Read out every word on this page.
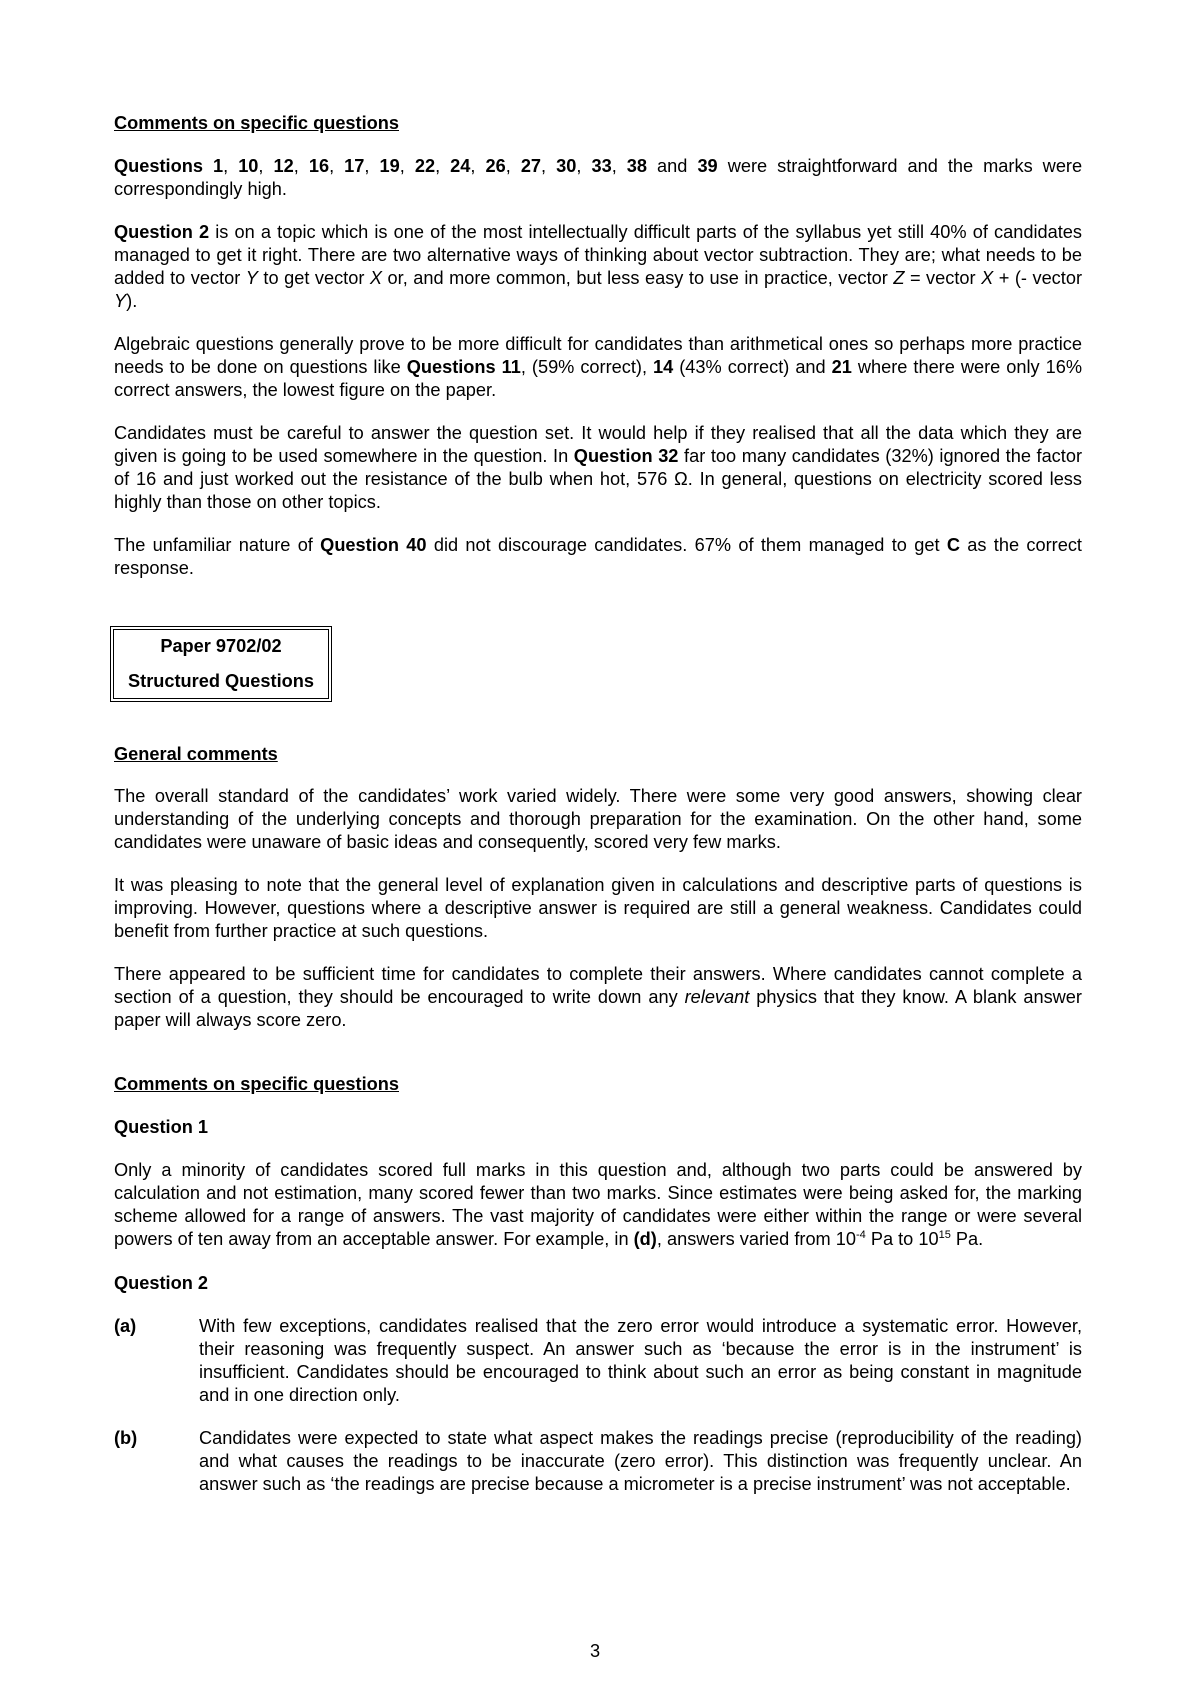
Comments on specific questions

Questions 1, 10, 12, 16, 17, 19, 22, 24, 26, 27, 30, 33, 38 and 39 were straightforward and the marks were correspondingly high.

Question 2 is on a topic which is one of the most intellectually difficult parts of the syllabus yet still 40% of candidates managed to get it right. There are two alternative ways of thinking about vector subtraction. They are; what needs to be added to vector Y to get vector X or, and more common, but less easy to use in practice, vector Z = vector X + (- vector Y).

Algebraic questions generally prove to be more difficult for candidates than arithmetical ones so perhaps more practice needs to be done on questions like Questions 11, (59% correct), 14 (43% correct) and 21 where there were only 16% correct answers, the lowest figure on the paper.

Candidates must be careful to answer the question set. It would help if they realised that all the data which they are given is going to be used somewhere in the question. In Question 32 far too many candidates (32%) ignored the factor of 16 and just worked out the resistance of the bulb when hot, 576 Ω. In general, questions on electricity scored less highly than those on other topics.

The unfamiliar nature of Question 40 did not discourage candidates. 67% of them managed to get C as the correct response.

Paper 9702/02
Structured Questions
General comments

The overall standard of the candidates’ work varied widely. There were some very good answers, showing clear understanding of the underlying concepts and thorough preparation for the examination. On the other hand, some candidates were unaware of basic ideas and consequently, scored very few marks.

It was pleasing to note that the general level of explanation given in calculations and descriptive parts of questions is improving. However, questions where a descriptive answer is required are still a general weakness. Candidates could benefit from further practice at such questions.

There appeared to be sufficient time for candidates to complete their answers. Where candidates cannot complete a section of a question, they should be encouraged to write down any relevant physics that they know. A blank answer paper will always score zero.

Comments on specific questions
Question 1

Only a minority of candidates scored full marks in this question and, although two parts could be answered by calculation and not estimation, many scored fewer than two marks. Since estimates were being asked for, the marking scheme allowed for a range of answers. The vast majority of candidates were either within the range or were several powers of ten away from an acceptable answer. For example, in (d), answers varied from $10^{-4}$ Pa to $10^{15}$ Pa.

Question 2
(a)	With few exceptions, candidates realised that the zero error would introduce a systematic error. However, their reasoning was frequently suspect. An answer such as ‘because the error is in the instrument’ is insufficient. Candidates should be encouraged to think about such an error as being constant in magnitude and in one direction only.
(b)	Candidates were expected to state what aspect makes the readings precise (reproducibility of the reading) and what causes the readings to be inaccurate (zero error). This distinction was frequently unclear. An answer such as ‘the readings are precise because a micrometer is a precise instrument’ was not acceptable.
3
